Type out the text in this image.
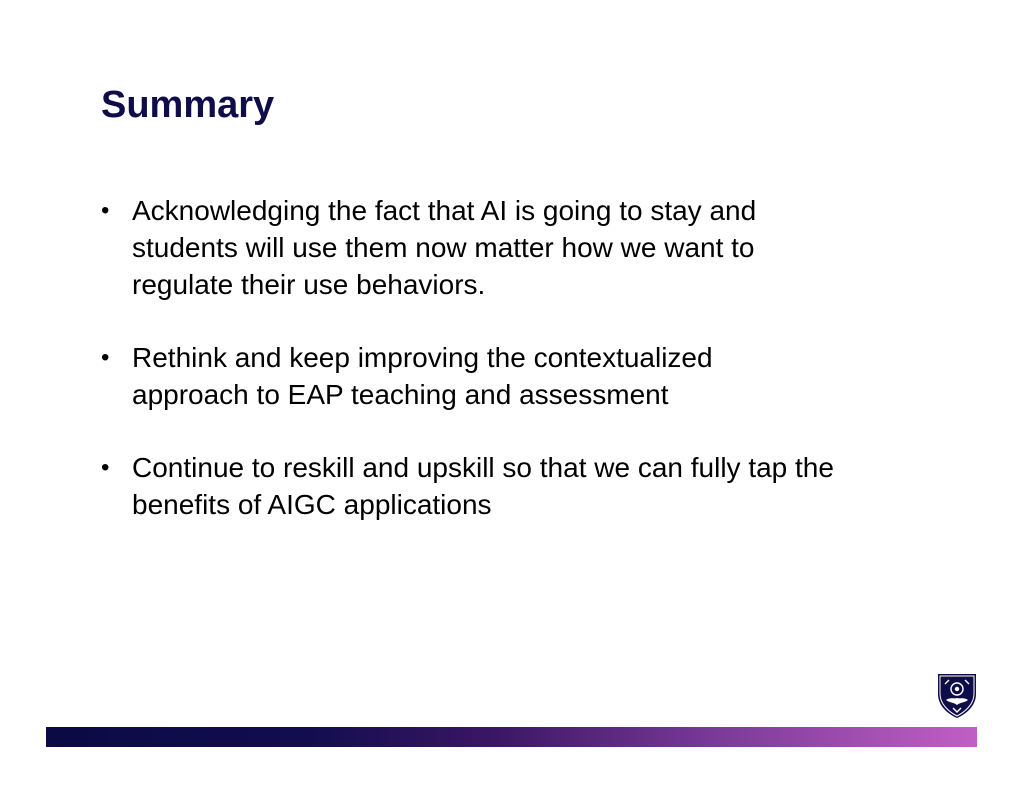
Summary
• Acknowledging the fact that AI is going to stay and students will use them now matter how we want to regulate their use behaviors.
• Rethink and keep improving the contextualized approach to EAP teaching and assessment
• Continue to reskill and upskill so that we can fully tap the benefits of AIGC applications
